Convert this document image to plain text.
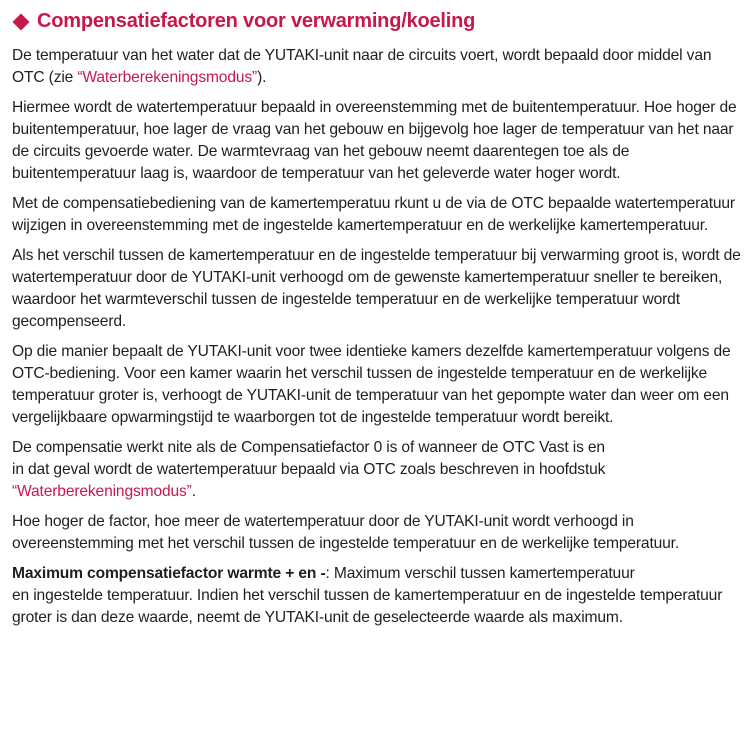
Compensatiefactoren voor verwarming/koeling

De temperatuur van het water dat de YUTAKI-unit naar de circuits voert, wordt bepaald door middel van OTC (zie “Waterberekeningsmodus”).

Hiermee wordt de watertemperatuur bepaald in overeenstemming met de buitentemperatuur. Hoe hoger de buitentemperatuur, hoe lager de vraag van het gebouw en bijgevolg hoe lager de temperatuur van het naar de circuits gevoerde water. De warmtevraag van het gebouw neemt daarentegen toe als de buitentemperatuur laag is, waardoor de temperatuur van het geleverde water hoger wordt.

Met de compensatiebediening van de kamertemperatuu rkunt u de via de OTC bepaalde watertemperatuur wijzigen in overeenstemming met de ingestelde kamertemperatuur en de werkelijke kamertemperatuur.

Als het verschil tussen de kamertemperatuur en de ingestelde temperatuur bij verwarming groot is, wordt de watertemperatuur door de YUTAKI-unit verhoogd om de gewenste kamertemperatuur sneller te bereiken, waardoor het warmteverschil tussen de ingestelde temperatuur en de werkelijke temperatuur wordt gecompenseerd.

Op die manier bepaalt de YUTAKI-unit voor twee identieke kamers dezelfde kamertemperatuur volgens de OTC-bediening. Voor een kamer waarin het verschil tussen de ingestelde temperatuur en de werkelijke temperatuur groter is, verhoogt de YUTAKI-unit de temperatuur van het gepompte water dan weer om een vergelijkbaare opwarmingstijd te waarborgen tot de ingestelde temperatuur wordt bereikt.

De compensatie werkt nite als de Compensatiefactor 0 is of wanneer de OTC Vast is en
in dat geval wordt de watertemperatuur bepaald via OTC zoals beschreven in hoofdstuk
“Waterberekeningsmodus”.

Hoe hoger de factor, hoe meer de watertemperatuur door de YUTAKI-unit wordt verhoogd in overeenstemming met het verschil tussen de ingestelde temperatuur en de werkelijke temperatuur.

Maximum compensatiefactor warmte + en -: Maximum verschil tussen kamertemperatuur
en ingestelde temperatuur. Indien het verschil tussen de kamertemperatuur en de ingestelde temperatuur groter is dan deze waarde, neemt de YUTAKI-unit de geselecteerde waarde als maximum.
